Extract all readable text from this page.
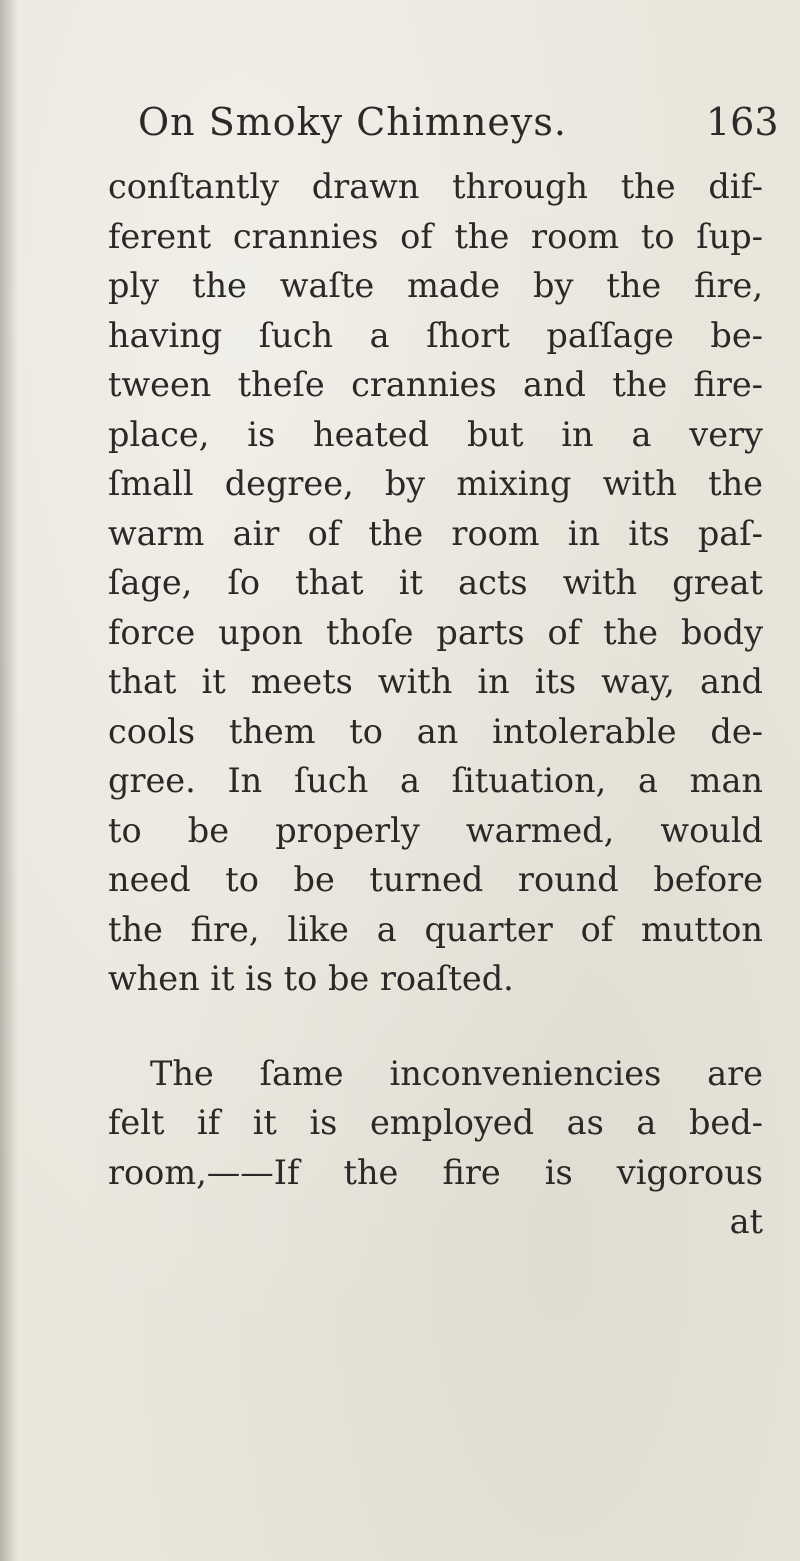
On Smoky Chimneys.	163
conſtantly drawn through the dif-
ferent crannies of the room to ſup-
ply the waſte made by the fire,
having ſuch a ſhort paſſage be-
tween theſe crannies and the fire-
place, is heated but in a very
ſmall degree, by mixing with the
warm air of the room in its paſ-
ſage, ſo that it acts with great
force upon thoſe parts of the body
that it meets with in its way, and
cools them to an intolerable de-
gree. In ſuch a ſituation, a man
to be properly warmed, would
need to be turned round before
the fire, like a quarter of mutton
when it is to be roaſted.
The ſame inconveniencies are
felt if it is employed as a bed-
room,——If the fire is vigorous
at
